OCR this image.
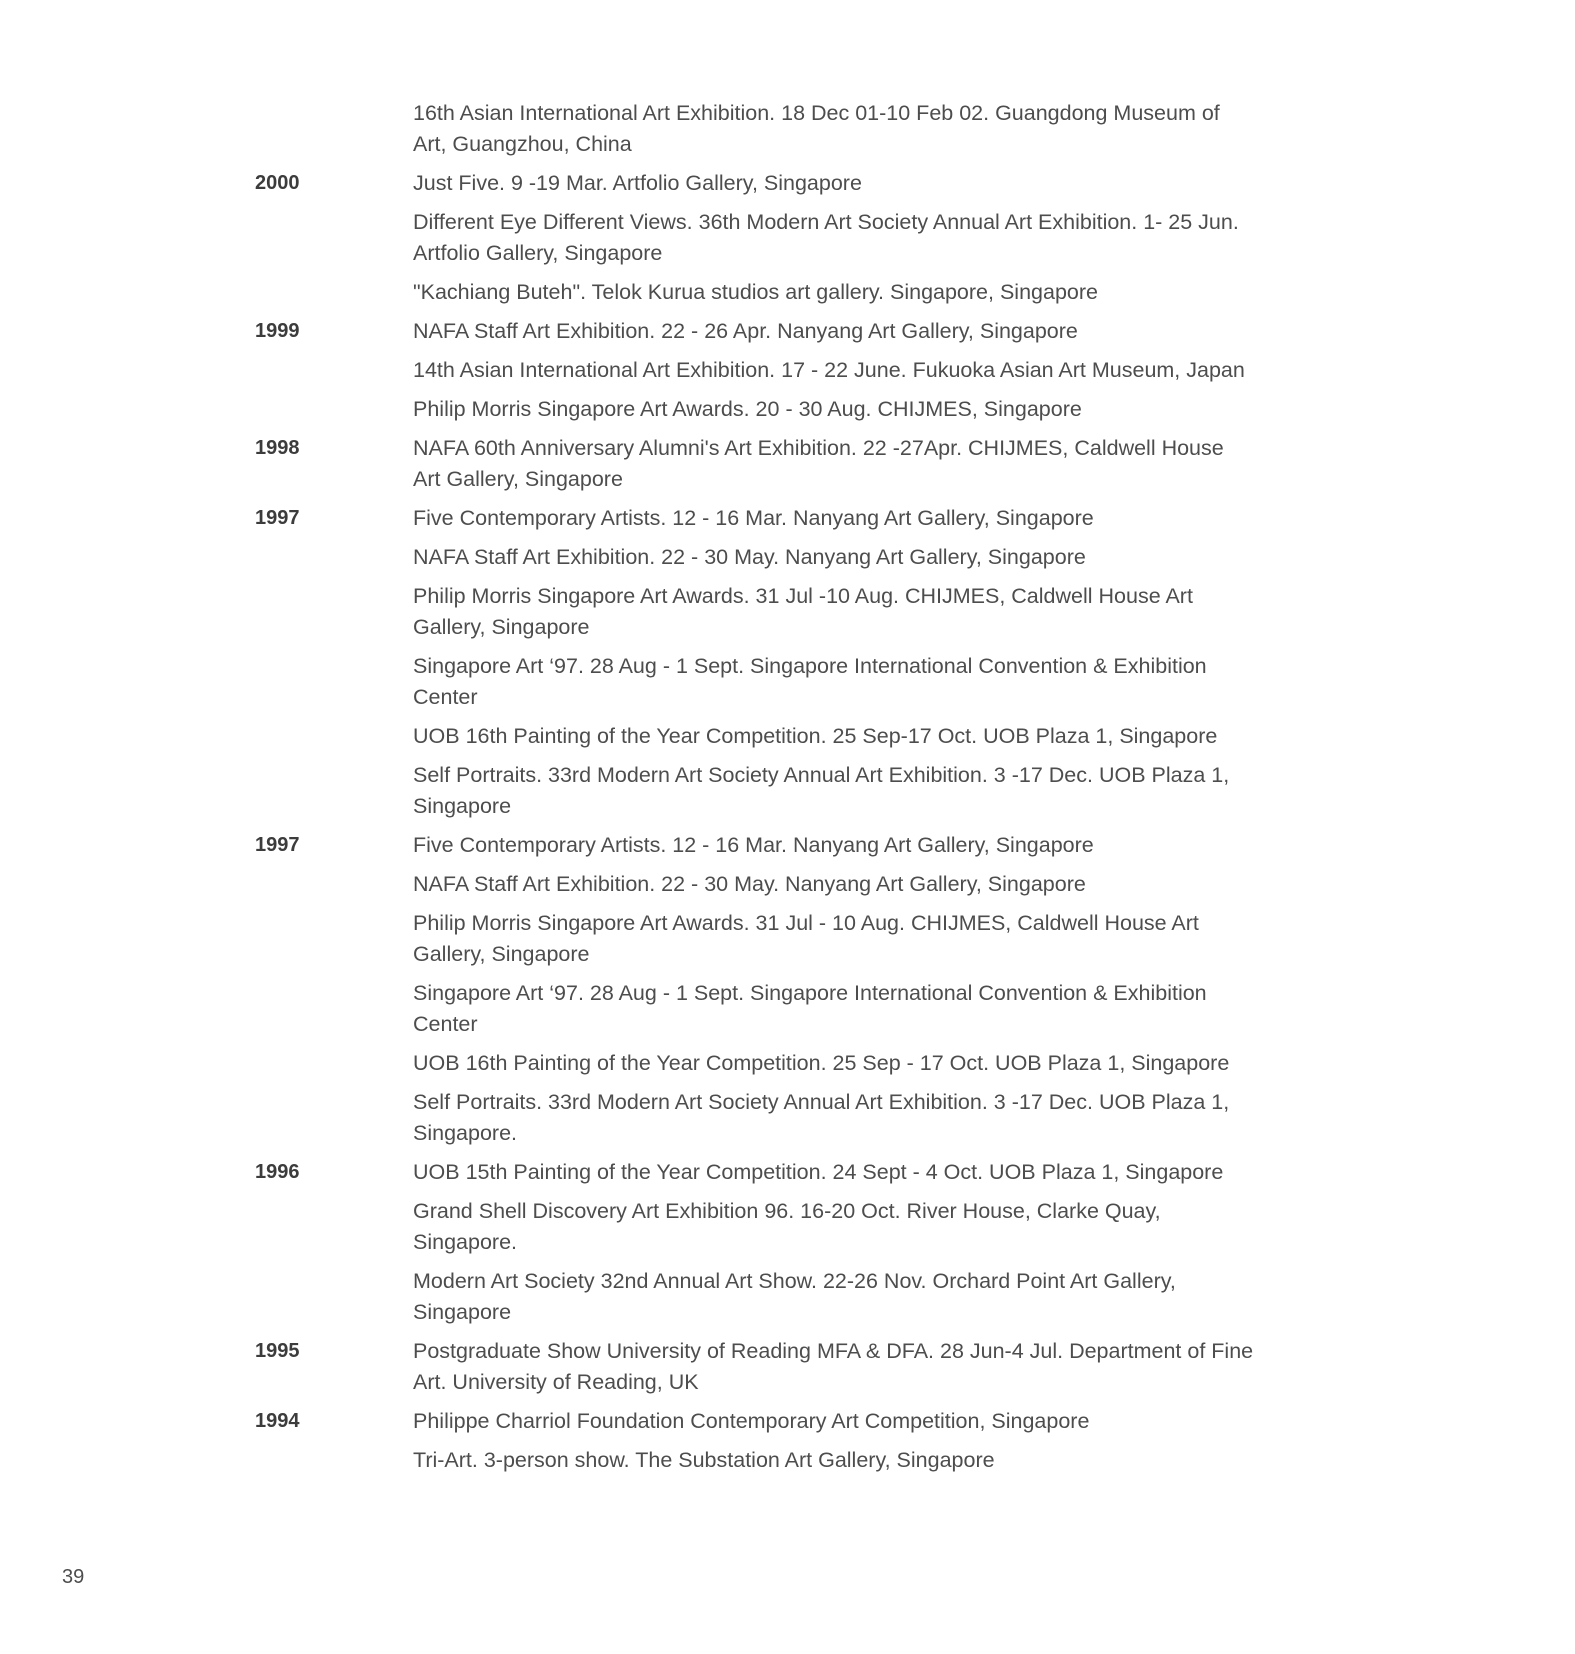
16th Asian International Art Exhibition. 18 Dec 01-10 Feb 02. Guangdong Museum of Art, Guangzhou, China
2000	Just Five. 9 -19 Mar. Artfolio Gallery, Singapore
Different Eye Different Views. 36th Modern Art Society Annual Art Exhibition. 1- 25 Jun. Artfolio Gallery, Singapore
"Kachiang Buteh". Telok Kurua studios art gallery. Singapore, Singapore
1999	NAFA Staff Art Exhibition. 22 - 26 Apr. Nanyang Art Gallery, Singapore
14th Asian International Art Exhibition. 17 - 22 June. Fukuoka Asian Art Museum, Japan
Philip Morris Singapore Art Awards. 20 - 30 Aug. CHIJMES, Singapore
1998	NAFA 60th Anniversary Alumni's Art Exhibition. 22 -27Apr. CHIJMES, Caldwell House Art Gallery, Singapore
1997	Five Contemporary Artists. 12 - 16 Mar. Nanyang Art Gallery, Singapore
NAFA Staff Art Exhibition. 22 - 30 May. Nanyang Art Gallery, Singapore
Philip Morris Singapore Art Awards. 31 Jul -10 Aug. CHIJMES, Caldwell House Art Gallery, Singapore
Singapore Art ‘97. 28 Aug - 1 Sept. Singapore International Convention & Exhibition Center
UOB 16th Painting of the Year Competition. 25 Sep-17 Oct. UOB Plaza 1, Singapore
Self Portraits. 33rd Modern Art Society Annual Art Exhibition. 3 -17 Dec. UOB Plaza 1, Singapore
1997	Five Contemporary Artists. 12 - 16 Mar. Nanyang Art Gallery, Singapore
NAFA Staff Art Exhibition. 22 - 30 May. Nanyang Art Gallery, Singapore
Philip Morris Singapore Art Awards. 31 Jul - 10 Aug. CHIJMES, Caldwell House Art Gallery, Singapore
Singapore Art ‘97. 28 Aug - 1 Sept. Singapore International Convention & Exhibition Center
UOB 16th Painting of the Year Competition. 25 Sep - 17 Oct. UOB Plaza 1, Singapore
Self Portraits. 33rd Modern Art Society Annual Art Exhibition. 3 -17 Dec. UOB Plaza 1, Singapore.
1996	UOB 15th Painting of the Year Competition. 24 Sept - 4 Oct. UOB Plaza 1, Singapore
Grand Shell Discovery Art Exhibition 96. 16-20 Oct. River House, Clarke Quay, Singapore.
Modern Art Society 32nd Annual Art Show. 22-26 Nov. Orchard Point Art Gallery, Singapore
1995	Postgraduate Show University of Reading MFA & DFA. 28 Jun-4 Jul. Department of Fine Art. University of Reading, UK
1994	Philippe Charriol Foundation Contemporary Art Competition, Singapore
Tri-Art. 3-person show. The Substation Art Gallery, Singapore
39
